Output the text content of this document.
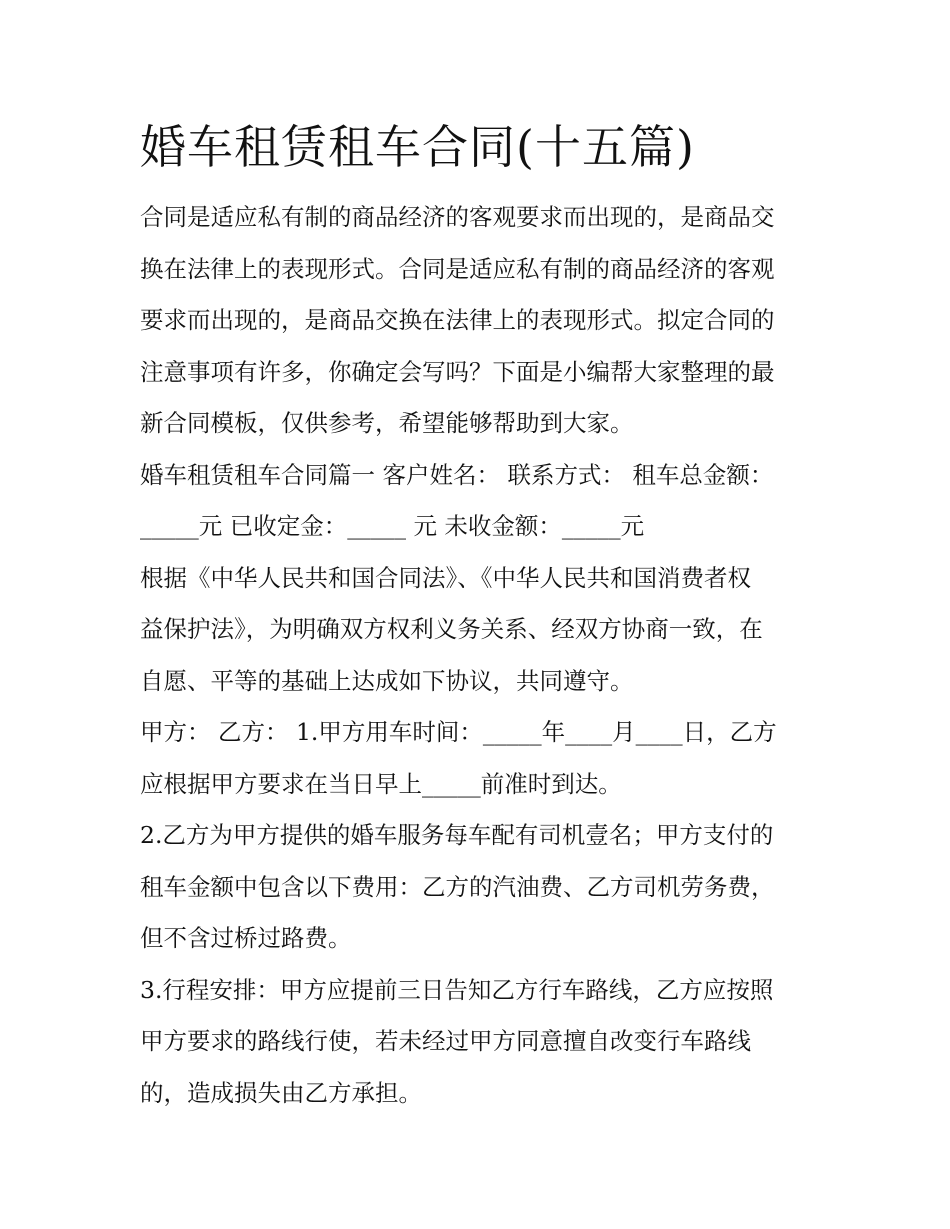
婚车租赁租车合同(十五篇)

合同是适应私有制的商品经济的客观要求而出现的，是商品交
换在法律上的表现形式。合同是适应私有制的商品经济的客观
要求而出现的，是商品交换在法律上的表现形式。拟定合同的
注意事项有许多，你确定会写吗？下面是小编帮大家整理的最
新合同模板，仅供参考，希望能够帮助到大家。

婚车租赁租车合同篇一 客户姓名： 联系方式： 租车总金额：
_____元 已收定金：_____ 元 未收金额：_____元

根据《中华人民共和国合同法》、《中华人民共和国消费者权
益保护法》，为明确双方权利义务关系、经双方协商一致，在
自愿、平等的基础上达成如下协议，共同遵守。

甲方： 乙方： 1.甲方用车时间：_____年____月____日，乙方
应根据甲方要求在当日早上_____前准时到达。

2.乙方为甲方提供的婚车服务每车配有司机壹名；甲方支付的
租车金额中包含以下费用：乙方的汽油费、乙方司机劳务费，
但不含过桥过路费。

3.行程安排：甲方应提前三日告知乙方行车路线，乙方应按照
甲方要求的路线行使，若未经过甲方同意擅自改变行车路线
的，造成损失由乙方承担。
